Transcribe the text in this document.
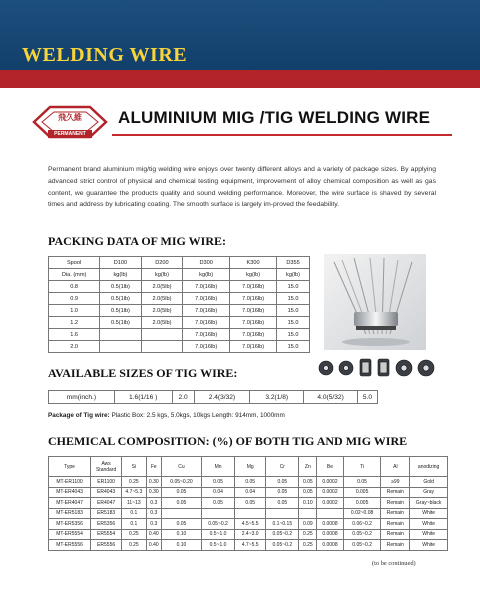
WELDING WIRE
PERMANENT
飛久維	ALUMINIUM MIG /TIG WELDING WIRE

Permanent brand aluminium mig/tig welding wire enjoys over twenty different alloys and a variety of package sizes. By applying advanced strict control of physical and chemical testing equipment, improvement of alloy chemical composition as well as gas content, we guarantee the products quality and sound welding performance. Moreover, the wire surface is shaved by several times and address by lubricating coating. The smooth surface is largely im-proved the feedability.

PACKING DATA OF MIG WIRE:
Spool	D100	D200	D300	K300	D355
Dia. (mm)	kg(lb)	kg(lb)	kg(lb)	kg(lb)	kg(lb)
0.8	0.5(1lb)	2.0(5lb)	7.0(16lb)	7.0(16lb)	15.0
0.9	0.5(1lb)	2.0(5lb)	7.0(16lb)	7.0(16lb)	15.0
1.0	0.5(1lb)	2.0(5lb)	7.0(16lb)	7.0(16lb)	15.0
1.2	0.5(1lb)	2.0(5lb)	7.0(16lb)	7.0(16lb)	15.0
1.6			7.0(16lb)	7.0(16lb)	15.0
2.0			7.0(16lb)	7.0(16lb)	15.0
AVAILABLE SIZES OF TIG WIRE:
mm(inch.)	1.6(1/16 )	2.0	2.4(3/32)	3.2(1/8)	4.0(5/32)	5.0
Package of Tig wire: Plastic Box: 2.5 kgs, 5.0kgs, 10kgs Length: 914mm, 1000mm
CHEMICAL COMPOSITION: (%) OF BOTH TIG AND MIG WIRE
Type	Aws Standard	Si	Fe	Cu	Mn	Mg	Cr	Zn	Be	Ti	Al	anodizing
MT-ER1100	ER1100	0.25	0.30	0.05~0.20	0.05	0.05	0.05	0.05	0.0002	0.05	≥99	Gold
MT-ER4043	ER4043	4.7~5.3	0.30	0.05	0.04	0.04	0.05	0.05	0.0002	0.005	Remain	Gray
MT-ER4047	ER4047	11~13	0.3	0.05	0.05	0.05	0.05	0.10	0.0002	0.005	Remain	Gray~black
MT-ER5183	ER5183	0.1	0.3							0.02~0.08	Remain	White
MT-ER5356	ER5356	0.1	0.3	0.05	0.05~0.2	4.5~5.5	0.1~0.15	0.09	0.0008	0.06~0.2	Remain	White
MT-ER5554	ER5554	0.25	0.40	0.10	0.5~1.0	2.4~3.0	0.05~0.2	0.25	0.0008	0.05~0.2	Remain	White
MT-ER5556	ER5556	0.25	0.40	0.10	0.5~1.0	4.7~5.5	0.05~0.2	0.25	0.0008	0.05~0.2	Remain	White
(to be continued)
